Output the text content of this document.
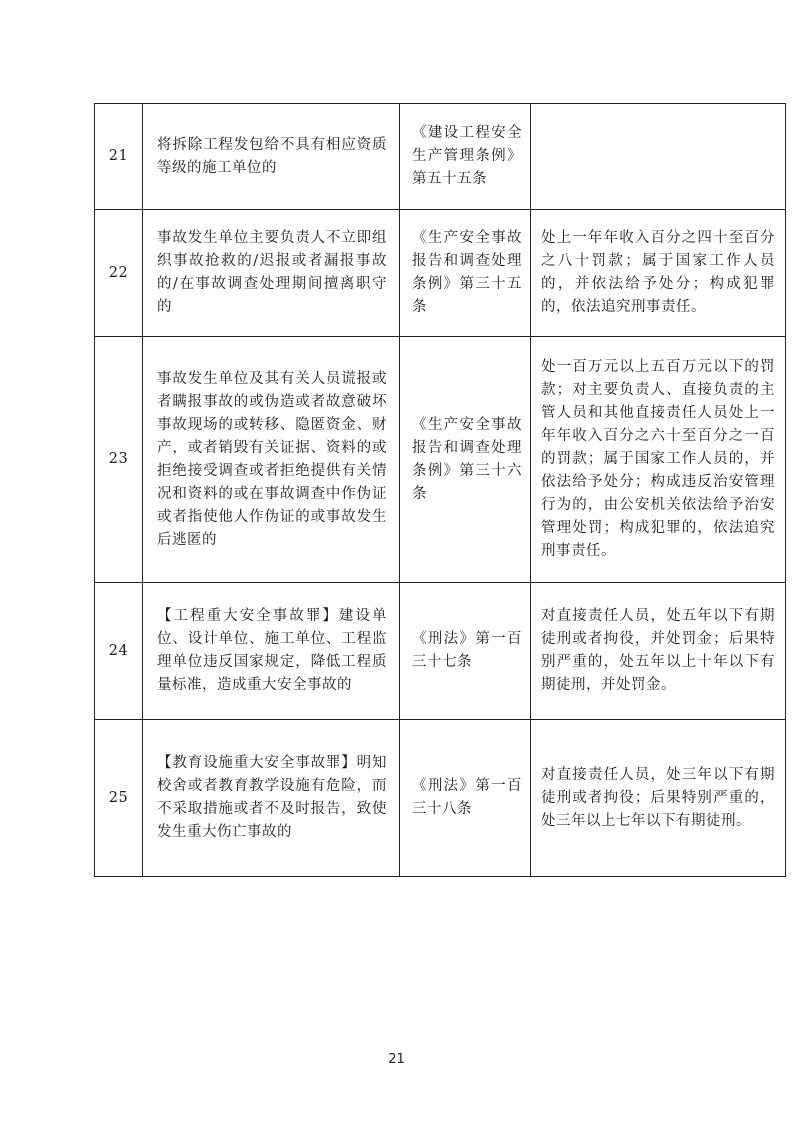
21	将拆除工程发包给不具有相应资质等级的施工单位的	《建设工程安全生产管理条例》第五十五条	
22	事故发生单位主要负责人不立即组织事故抢救的/迟报或者漏报事故的/在事故调查处理期间擅离职守的	《生产安全事故报告和调查处理条例》第三十五条	处上一年年收入百分之四十至百分之八十罚款；属于国家工作人员的，并依法给予处分；构成犯罪的，依法追究刑事责任。
23	事故发生单位及其有关人员谎报或者瞒报事故的或伪造或者故意破坏事故现场的或转移、隐匿资金、财产，或者销毁有关证据、资料的或拒绝接受调查或者拒绝提供有关情况和资料的或在事故调查中作伪证或者指使他人作伪证的或事故发生后逃匿的	《生产安全事故报告和调查处理条例》第三十六条	处一百万元以上五百万元以下的罚款；对主要负责人、直接负责的主管人员和其他直接责任人员处上一年年收入百分之六十至百分之一百的罚款；属于国家工作人员的，并依法给予处分；构成违反治安管理行为的，由公安机关依法给予治安管理处罚；构成犯罪的，依法追究刑事责任。
24	【工程重大安全事故罪】建设单位、设计单位、施工单位、工程监理单位违反国家规定，降低工程质量标准，造成重大安全事故的	《刑法》第一百三十七条	对直接责任人员，处五年以下有期徒刑或者拘役，并处罚金；后果特别严重的，处五年以上十年以下有期徒刑，并处罚金。
25	【教育设施重大安全事故罪】明知校舍或者教育教学设施有危险，而不采取措施或者不及时报告，致使发生重大伤亡事故的	《刑法》第一百三十八条	对直接责任人员，处三年以下有期徒刑或者拘役；后果特别严重的，处三年以上七年以下有期徒刑。
21
